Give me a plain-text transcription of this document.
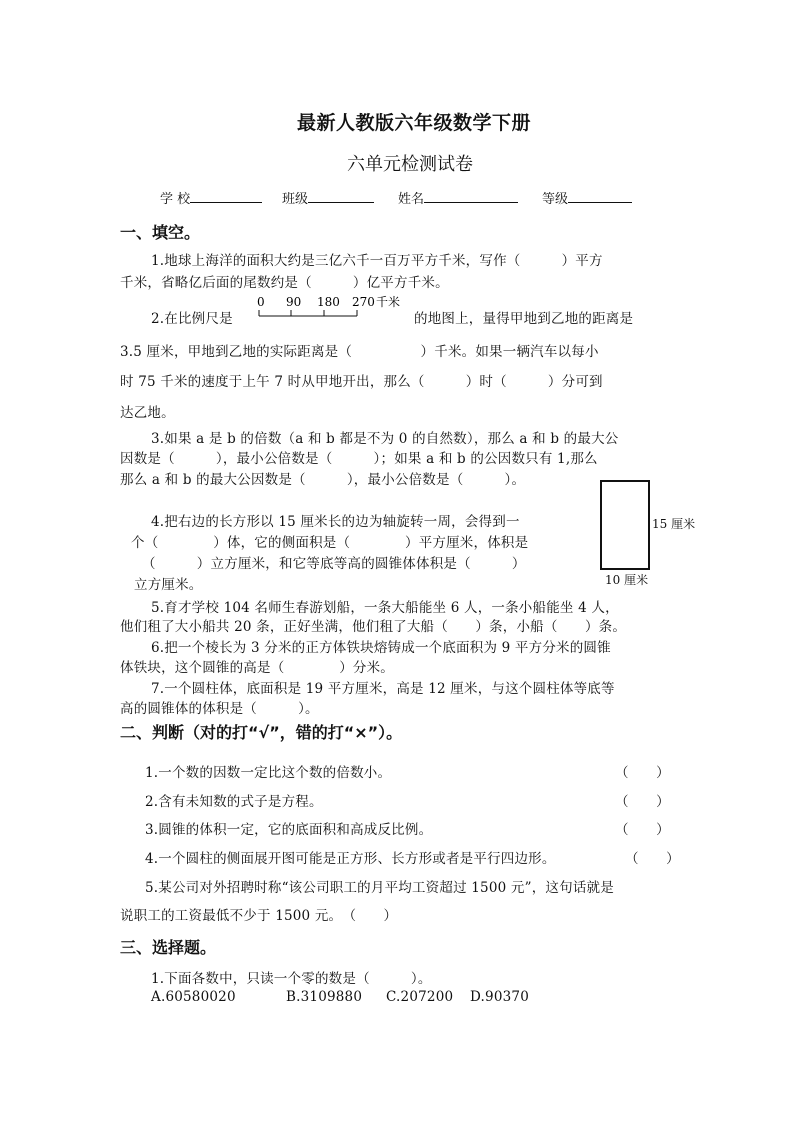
最新人教版六年级数学下册
六单元检测试卷
学 校	班级	姓名	等级
一、填空。
1.地球上海洋的面积大约是三亿六千一百万平方千米，写作（　　　）平方
千米，省略亿后面的尾数约是（　　　）亿平方千米。
2.在比例尺是
0 90 180 270 千米
的地图上，量得甲地到乙地的距离是
3.5 厘米，甲地到乙地的实际距离是（　　　　　）千米。如果一辆汽车以每小
时 75 千米的速度于上午 7 时从甲地开出，那么（　　　）时（　　　）分可到
达乙地。
3.如果 a 是 b 的倍数（a 和 b 都是不为 0 的自然数），那么 a 和 b 的最大公
因数是（　　　），最小公倍数是（　　　）；如果 a 和 b 的公因数只有 1,那么
那么 a 和 b 的最大公因数是（　　　），最小公倍数是（　　　）。
4.把右边的长方形以 15 厘米长的边为轴旋转一周，会得到一
个（　　　　）体，它的侧面积是（　　　　）平方厘米，体积是
（　　　）立方厘米，和它等底等高的圆锥体体积是（　　　）
立方厘米。
15 厘米
10 厘米
5.育才学校 104 名师生春游划船，一条大船能坐 6 人，一条小船能坐 4 人，
他们租了大小船共 20 条，正好坐满，他们租了大船（　　）条，小船（　　）条。
6.把一个棱长为 3 分米的正方体铁块熔铸成一个底面积为 9 平方分米的圆锥
体铁块，这个圆锥的高是（　　　　）分米。
7.一个圆柱体，底面积是 19 平方厘米，高是 12 厘米，与这个圆柱体等底等
高的圆锥体的体积是（　　　）。
二、判断（对的打“√”，错的打“×”）。
1.一个数的因数一定比这个数的倍数小。	（　　）
2.含有未知数的式子是方程。	（　　）
3.圆锥的体积一定，它的底面积和高成反比例。	（　　）
4.一个圆柱的侧面展开图可能是正方形、长方形或者是平行四边形。	（　　）
5.某公司对外招聘时称“该公司职工的月平均工资超过 1500 元”，这句话就是
说职工的工资最低不少于 1500 元。　（　　）
三、选择题。
1.下面各数中，只读一个零的数是（　　　）。
A.60580020	B.3109880 C.207200 D.90370
